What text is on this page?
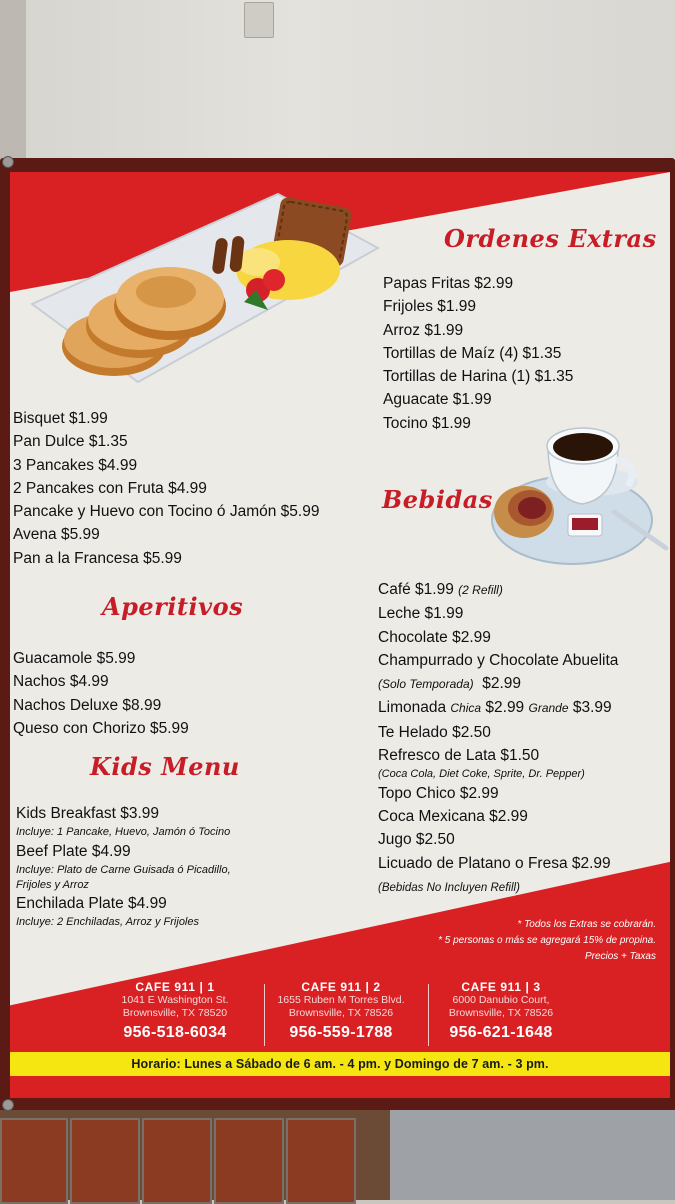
Ordenes Extras
Papas Fritas $2.99
Frijoles $1.99
Arroz $1.99
Tortillas de Maíz (4) $1.35
Tortillas de Harina (1) $1.35
Aguacate $1.99
Tocino $1.99
Bisquet $1.99
Pan Dulce $1.35
3 Pancakes $4.99
2 Pancakes con Fruta $4.99
Pancake y Huevo con Tocino ó Jamón $5.99
Avena $5.99
Pan a la Francesa $5.99
Bebidas
Aperitivos
Guacamole $5.99
Nachos $4.99
Nachos Deluxe $8.99
Queso con Chorizo $5.99
Kids Menu
Kids Breakfast $3.99
Incluye: 1 Pancake, Huevo, Jamón ó Tocino
Beef Plate $4.99
Incluye: Plato de Carne Guisada ó Picadillo,
Frijoles y Arroz
Enchilada Plate $4.99
Incluye: 2 Enchiladas, Arroz y Frijoles
Café $1.99 (2 Refill)
Leche $1.99
Chocolate $2.99
Champurrado y Chocolate Abuelita
(Solo Temporada) $2.99
Limonada Chica $2.99 Grande $3.99
Te Helado $2.50
Refresco de Lata $1.50
(Coca Cola, Diet Coke, Sprite, Dr. Pepper)
Topo Chico $2.99
Coca Mexicana $2.99
Jugo $2.50
Licuado de Platano o Fresa $2.99
(Bebidas No Incluyen Refill)
* Todos los Extras se cobrarán.
* 5 personas o más se agregará 15% de propina.
Precios + Taxas
CAFE 911 | 1
1041 E Washington St.
Brownsville, TX 78520
956-518-6034
CAFE 911 | 2
1655 Ruben M Torres Blvd.
Brownsville, TX 78526
956-559-1788
CAFE 911 | 3
6000 Danubio Court,
Brownsville, TX 78526
956-621-1648
Horario: Lunes a Sábado de 6 am. - 4 pm. y Domingo de 7 am. - 3 pm.
